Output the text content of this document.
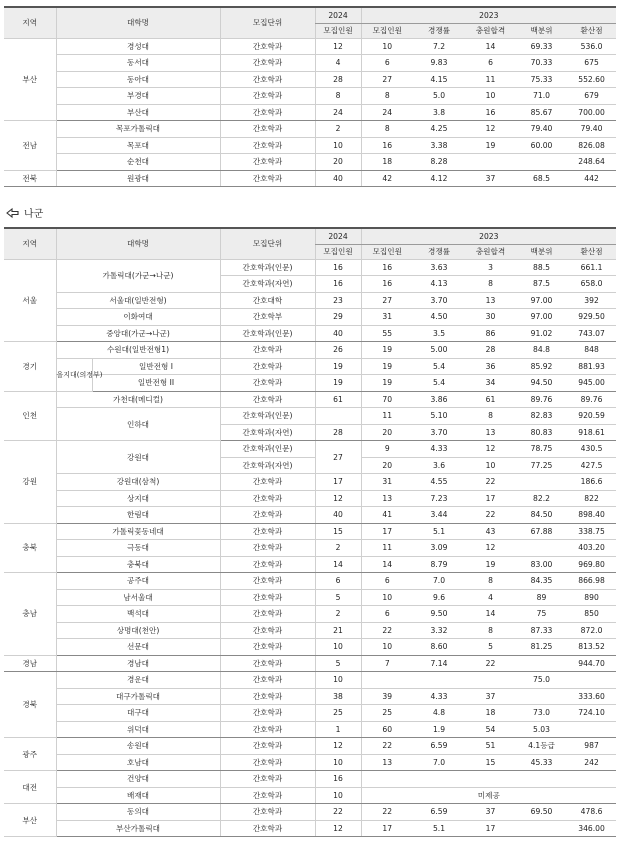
지역	대학명	모집단위	2024	2023				
			모집인원	모집인원	경쟁률	충원합격	백분위	환산점
부산	경성대	간호학과	12	10	7.2	14	69.33	536.0
	동서대	간호학과	4	6	9.83	6	70.33	675
	동아대	간호학과	28	27	4.15	11	75.33	552.60
	부경대	간호학과	8	8	5.0	10	71.0	679
	부산대	간호학과	24	24	3.8	16	85.67	700.00
전남	목포가톨릭대	간호학과	2	8	4.25	12	79.40	79.40
	목포대	간호학과	10	16	3.38	19	60.00	826.08
	순천대	간호학과	20	18	8.28			248.64
전북	원광대	간호학과	40	42	4.12	37	68.5	442
나군
지역	대학명		모집단위	2024	2023				
				모집인원	모집인원	경쟁률	충원합격	백분위	환산점
서울	가톨릭대(가군→나군)		간호학과(인문)	16	16	3.63	3	88.5	661.1
			간호학과(자연)	16	16	4.13	8	87.5	658.0
	서울대(일반전형)		간호대학	23	27	3.70	13	97.00	392
	이화여대		간호학부	29	31	4.50	30	97.00	929.50
	중앙대(가군→나군)		간호학과(인문)	40	55	3.5	86	91.02	743.07
경기	수원대(일반전형1)		간호학과	26	19	5.00	28	84.8	848
	을지대(의정부)	일반전형 I	간호학과	19	19	5.4	36	85.92	881.93
		일반전형 II	간호학과	19	19	5.4	34	94.50	945.00
인천	가천대(메디컬)		간호학과	61	70	3.86	61	89.76	89.76
	인하대		간호학과(인문)		11	5.10	8	82.83	920.59
			간호학과(자연)	28	20	3.70	13	80.83	918.61
강원	강원대		간호학과(인문)	27	9	4.33	12	78.75	430.5
			간호학과(자연)		20	3.6	10	77.25	427.5
	강원대(삼척)		간호학과	17	31	4.55	22		186.6
	상지대		간호학과	12	13	7.23	17	82.2	822
	한림대		간호학과	40	41	3.44	22	84.50	898.40
충북	가톨릭꽃동네대		간호학과	15	17	5.1	43	67.88	338.75
	극동대		간호학과	2	11	3.09	12		403.20
	충북대		간호학과	14	14	8.79	19	83.00	969.80
충남	공주대		간호학과	6	6	7.0	8	84.35	866.98
	남서울대		간호학과	5	10	9.6	4	89	890
	백석대		간호학과	2	6	9.50	14	75	850
	상명대(천안)		간호학과	21	22	3.32	8	87.33	872.0
	선문대		간호학과	10	10	8.60	5	81.25	813.52
경남	경남대		간호학과	5	7	7.14	22		944.70
경북	경운대		간호학과	10				75.0	
	대구가톨릭대		간호학과	38	39	4.33	37		333.60
	대구대		간호학과	25	25	4.8	18	73.0	724.10
	위덕대		간호학과	1	60	1.9	54	5.03	
광주	송원대		간호학과	12	22	6.59	51	4.1등급	987
	호남대		간호학과	10	13	7.0	15	45.33	242
대전	건양대		간호학과	16					
	배재대		간호학과	10	미제공				
부산	동의대		간호학과	22	22	6.59	37	69.50	478.6
	부산가톨릭대		간호학과	12	17	5.1	17		346.00
